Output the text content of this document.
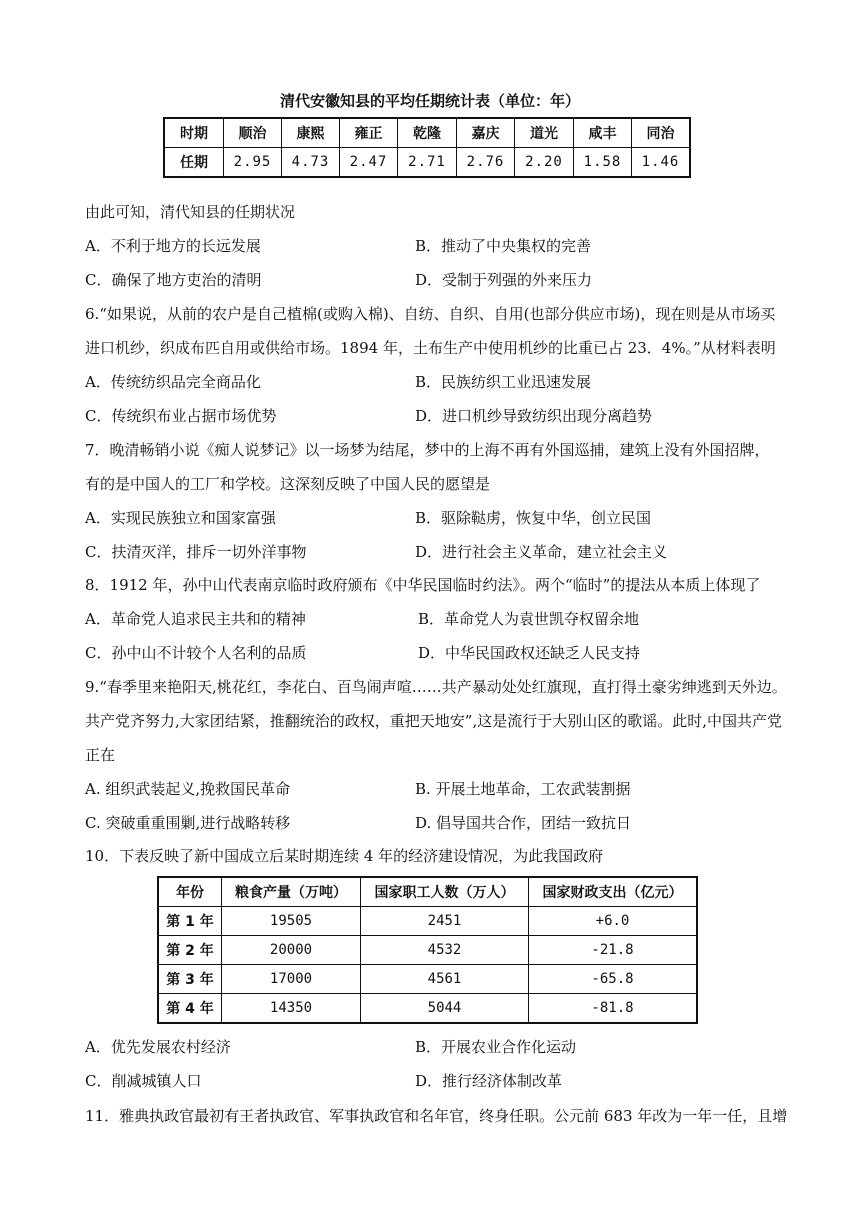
清代安徽知县的平均任期统计表（单位：年）
时期	顺治	康熙	雍正	乾隆	嘉庆	道光	咸丰	同治
任期	2.95	4.73	2.47	2.71	2.76	2.20	1.58	1.46
由此可知，清代知县的任期状况
A．不利于地方的长远发展	B．推动了中央集权的完善
C．确保了地方吏治的清明	D．受制于列强的外来压力
6.“如果说，从前的农户是自己植棉(或购入棉)、自纺、自织、自用(也部分供应市场)，现在则是从市场买
进口机纱，织成布匹自用或供给市场。1894 年，土布生产中使用机纱的比重已占 23．4%。”从材料表明
A．传统纺织品完全商品化	B．民族纺织工业迅速发展
C．传统织布业占据市场优势	D．进口机纱导致纺织出现分离趋势
7．晚清畅销小说《痴人说梦记》以一场梦为结尾，梦中的上海不再有外国巡捕，建筑上没有外国招牌，
有的是中国人的工厂和学校。这深刻反映了中国人民的愿望是
A．实现民族独立和国家富强	B．驱除鞑虏，恢复中华，创立民国
C．扶清灭洋，排斥一切外洋事物	D．进行社会主义革命，建立社会主义
8．1912 年，孙中山代表南京临时政府颁布《中华民国临时约法》。两个“临时”的提法从本质上体现了
A．革命党人追求民主共和的精神	B．革命党人为袁世凯夺权留余地
C．孙中山不计较个人名利的品质	D．中华民国政权还缺乏人民支持
9.“春季里来艳阳天,桃花红，李花白、百鸟闹声喧……共产暴动处处红旗现，直打得土豪劣绅逃到天外边。
共产党齐努力,大家团结紧，推翻统治的政权，重把天地安”,这是流行于大别山区的歌谣。此时,中国共产党
正在
A. 组织武装起义,挽救国民革命	B. 开展土地革命，工农武装割据
C. 突破重重围剿,进行战略转移	D. 倡导国共合作，团结一致抗日
10．下表反映了新中国成立后某时期连续 4 年的经济建设情况，为此我国政府
年份	粮食产量（万吨）	国家职工人数（万人）	国家财政支出（亿元）
第 1 年	19505	2451	+6.0
第 2 年	20000	4532	-21.8
第 3 年	17000	4561	-65.8
第 4 年	14350	5044	-81.8
A．优先发展农村经济	B．开展农业合作化运动
C．削减城镇人口	D．推行经济体制改革
11．雅典执政官最初有王者执政官、军事执政官和名年官，终身任职。公元前 683 年改为一年一任，且增
